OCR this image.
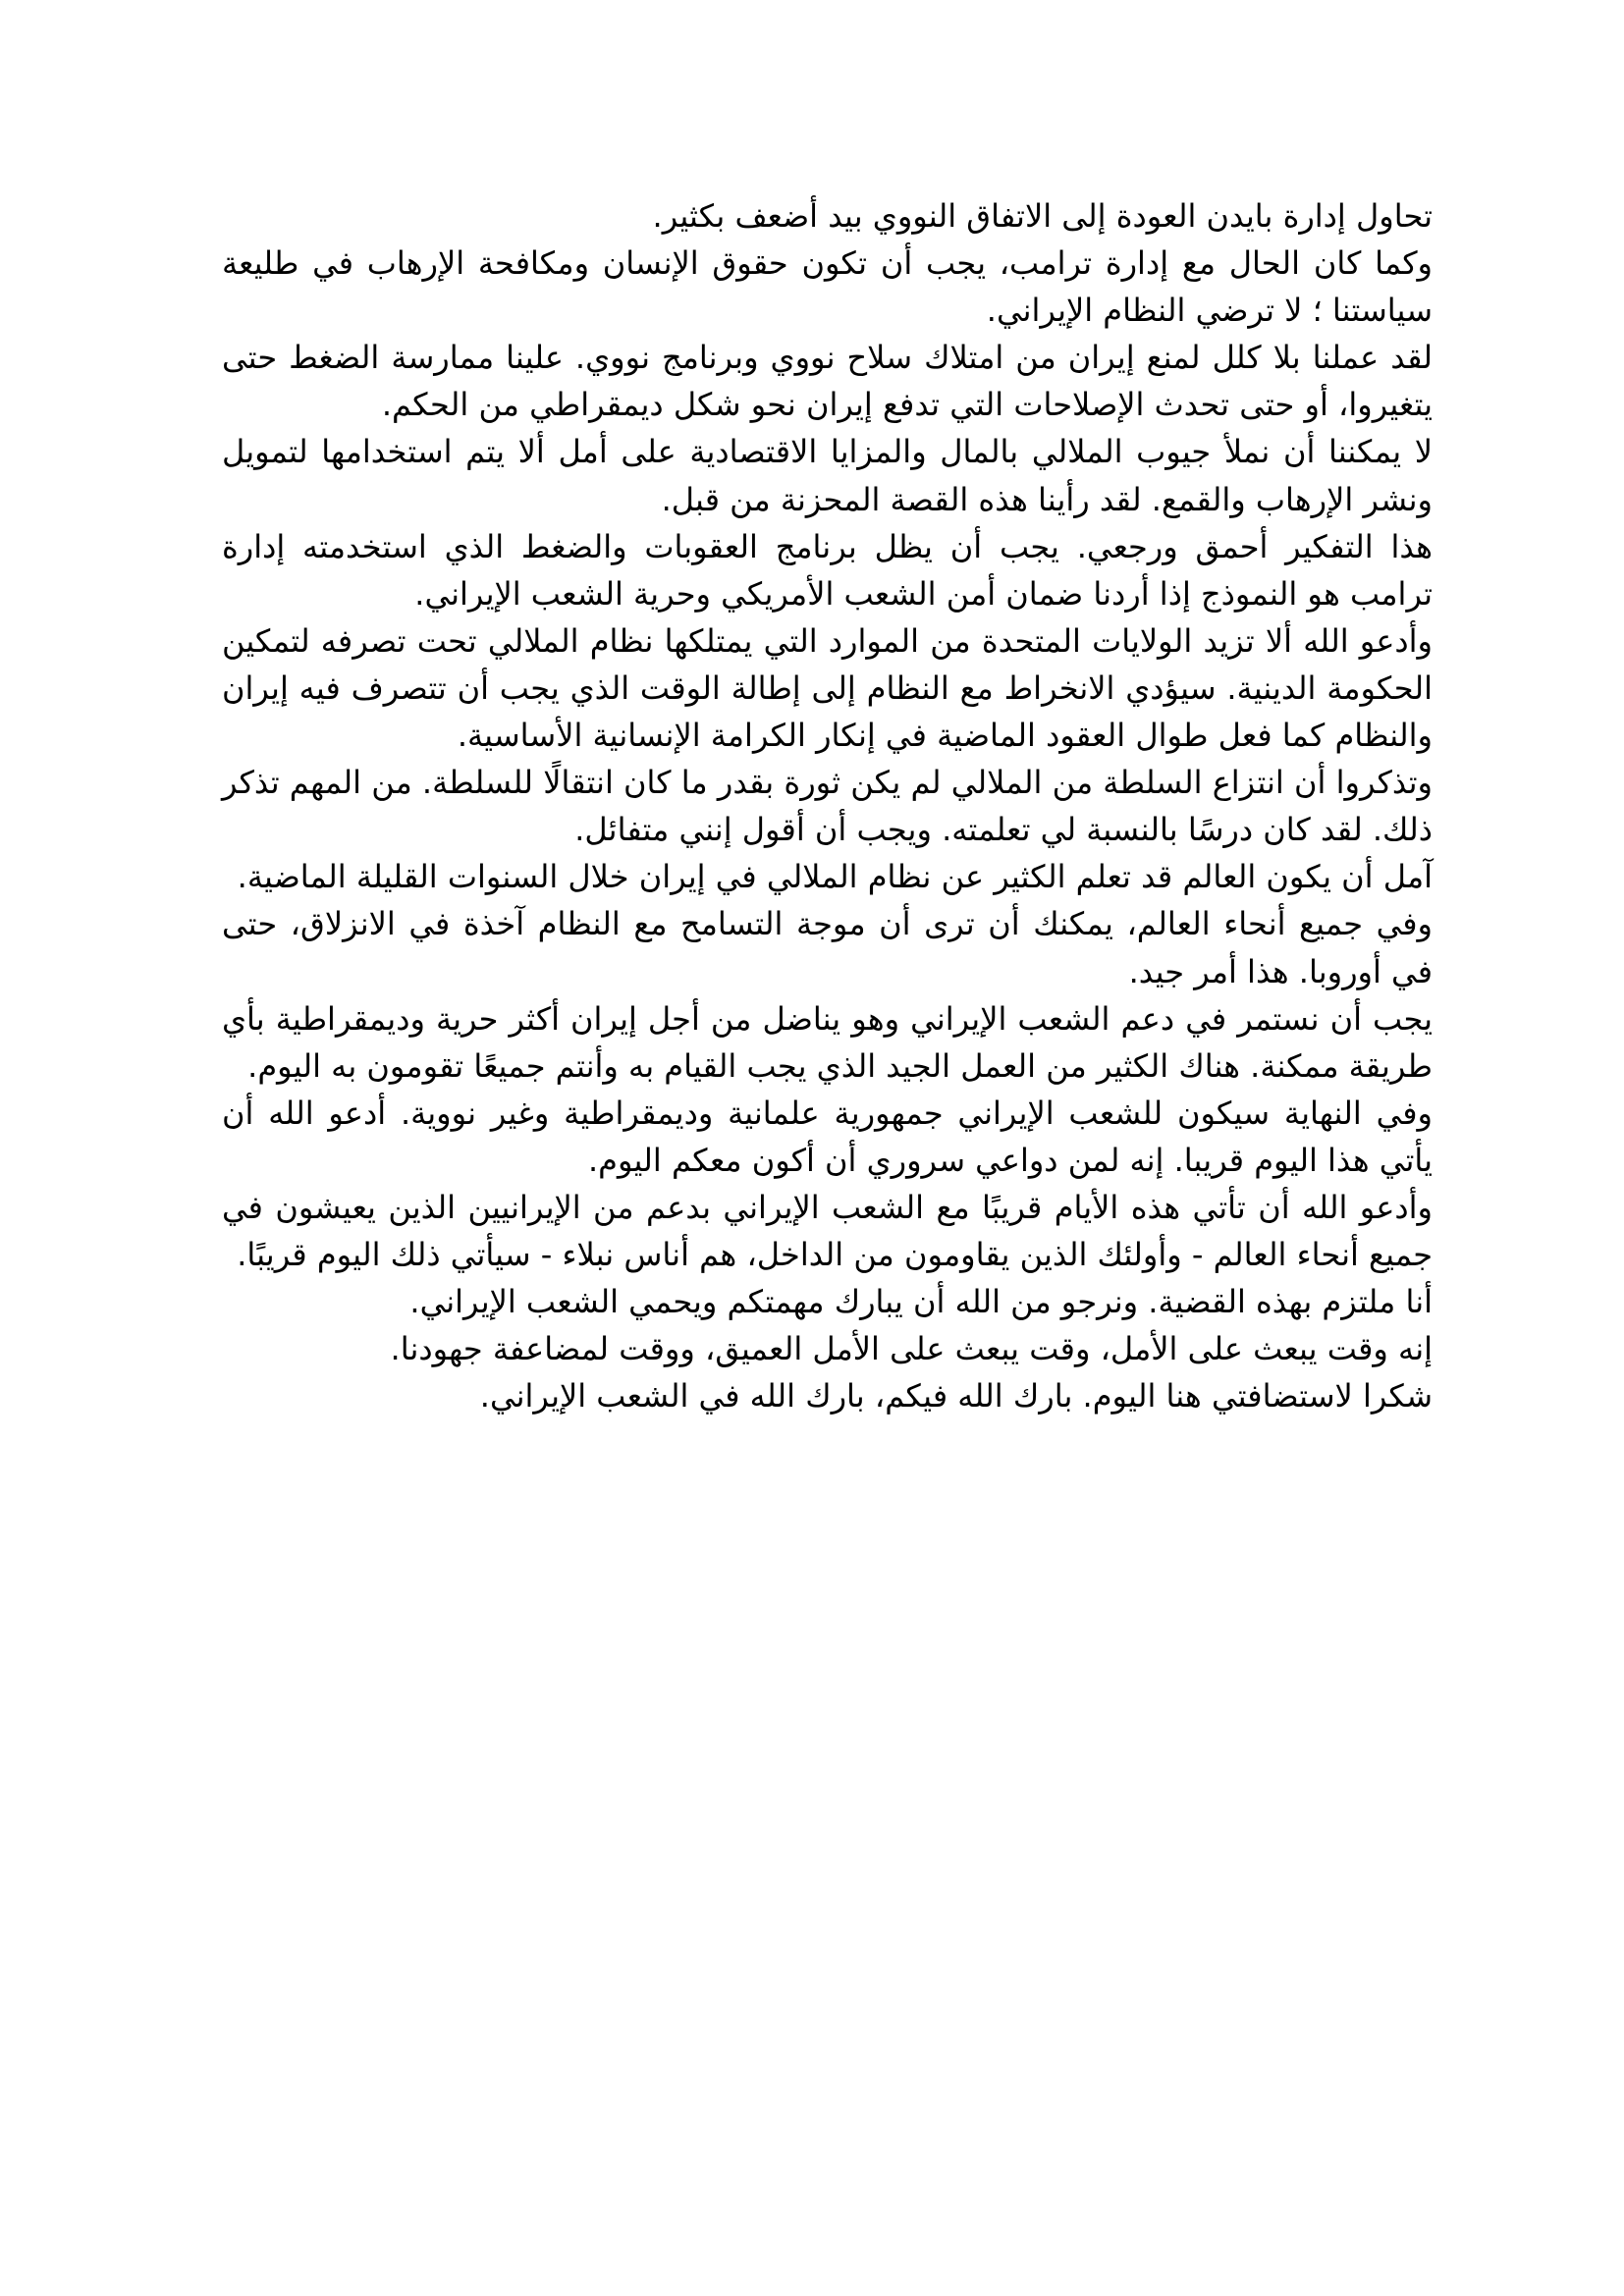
تحاول إدارة بايدن العودة إلى الاتفاق النووي بيد أضعف بكثير.

وكما كان الحال مع إدارة ترامب، يجب أن تكون حقوق الإنسان ومكافحة الإرهاب في طليعة سياستنا ؛ لا ترضي النظام الإيراني.

لقد عملنا بلا كلل لمنع إيران من امتلاك سلاح نووي وبرنامج نووي. علينا ممارسة الضغط حتى يتغيروا، أو حتى تحدث الإصلاحات التي تدفع إيران نحو شكل ديمقراطي من الحكم.

لا يمكننا أن نملأ جيوب الملالي بالمال والمزايا الاقتصادية على أمل ألا يتم استخدامها لتمويل ونشر الإرهاب والقمع. لقد رأينا هذه القصة المحزنة من قبل.

هذا التفكير أحمق ورجعي. يجب أن يظل برنامج العقوبات والضغط الذي استخدمته إدارة ترامب هو النموذج إذا أردنا ضمان أمن الشعب الأمريكي وحرية الشعب الإيراني.

وأدعو الله ألا تزيد الولايات المتحدة من الموارد التي يمتلكها نظام الملالي تحت تصرفه لتمكين الحكومة الدينية. سيؤدي الانخراط مع النظام إلى إطالة الوقت الذي يجب أن تتصرف فيه إيران والنظام كما فعل طوال العقود الماضية في إنكار الكرامة الإنسانية الأساسية.

وتذكروا أن انتزاع السلطة من الملالي لم يكن ثورة بقدر ما كان انتقالًا للسلطة. من المهم تذكر ذلك. لقد كان درسًا بالنسبة لي تعلمته. ويجب أن أقول إنني متفائل.

آمل أن يكون العالم قد تعلم الكثير عن نظام الملالي في إيران خلال السنوات القليلة الماضية.

وفي جميع أنحاء العالم، يمكنك أن ترى أن موجة التسامح مع النظام آخذة في الانزلاق، حتى في أوروبا. هذا أمر جيد.

يجب أن نستمر في دعم الشعب الإيراني وهو يناضل من أجل إيران أكثر حرية وديمقراطية بأي طريقة ممكنة. هناك الكثير من العمل الجيد الذي يجب القيام به وأنتم جميعًا تقومون به اليوم.

وفي النهاية سيكون للشعب الإيراني جمهورية علمانية وديمقراطية وغير نووية. أدعو الله أن يأتي هذا اليوم قريبا. إنه لمن دواعي سروري أن أكون معكم اليوم.

وأدعو الله أن تأتي هذه الأيام قريبًا مع الشعب الإيراني بدعم من الإيرانيين الذين يعيشون في جميع أنحاء العالم - وأولئك الذين يقاومون من الداخل، هم أناس نبلاء - سيأتي ذلك اليوم قريبًا.

أنا ملتزم بهذه القضية. ونرجو من الله أن يبارك مهمتكم ويحمي الشعب الإيراني.

إنه وقت يبعث على الأمل، وقت يبعث على الأمل العميق، ووقت لمضاعفة جهودنا.

شكرا لاستضافتي هنا اليوم. بارك الله فيكم، بارك الله في الشعب الإيراني.
